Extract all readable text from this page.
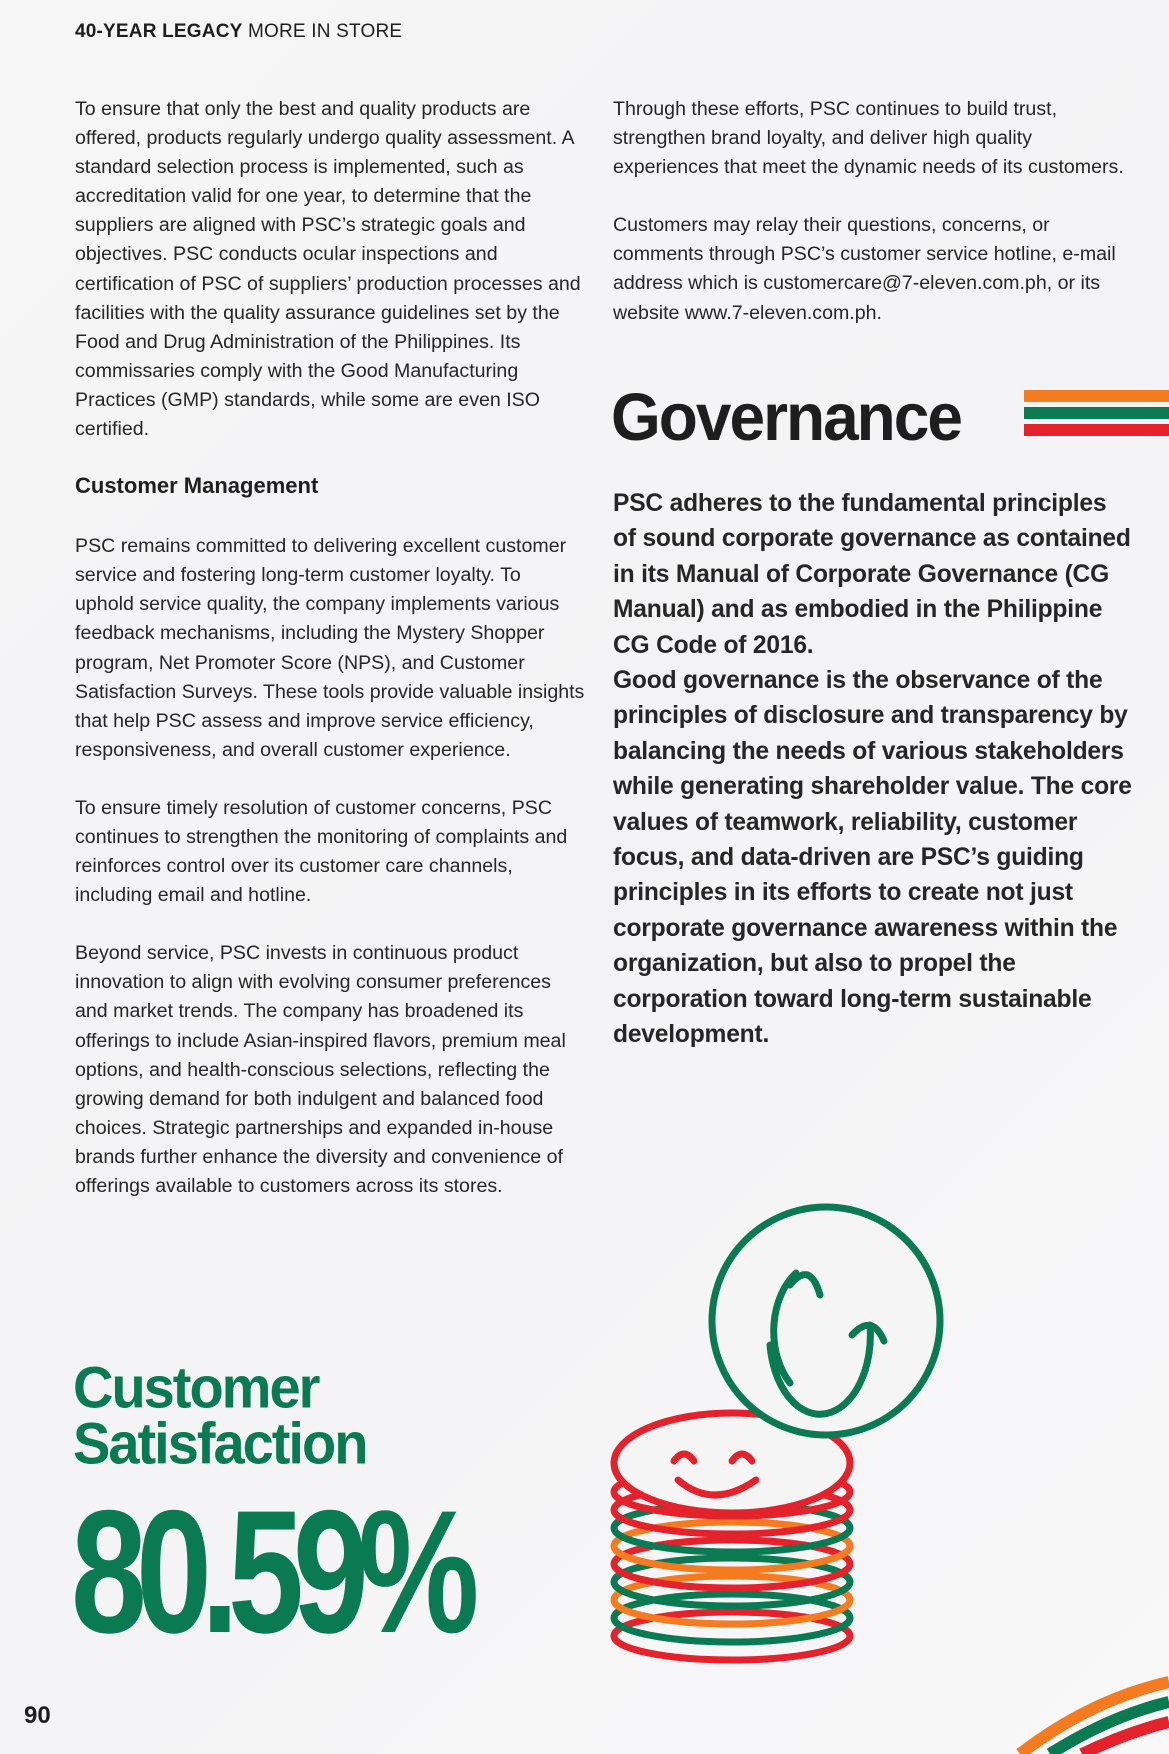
40-YEAR LEGACY MORE IN STORE

To ensure that only the best and quality products are offered, products regularly undergo quality assessment. A standard selection process is implemented, such as accreditation valid for one year, to determine that the suppliers are aligned with PSC’s strategic goals and objectives. PSC conducts ocular inspections and certification of PSC of suppliers’ production processes and facilities with the quality assurance guidelines set by the Food and Drug Administration of the Philippines. Its commissaries comply with the Good Manufacturing Practices (GMP) standards, while some are even ISO certified.

Customer Management

PSC remains committed to delivering excellent customer service and fostering long-term customer loyalty. To uphold service quality, the company implements various feedback mechanisms, including the Mystery Shopper program, Net Promoter Score (NPS), and Customer Satisfaction Surveys. These tools provide valuable insights that help PSC assess and improve service efficiency, responsiveness, and overall customer experience.

To ensure timely resolution of customer concerns, PSC continues to strengthen the monitoring of complaints and reinforces control over its customer care channels, including email and hotline.

Beyond service, PSC invests in continuous product innovation to align with evolving consumer preferences and market trends. The company has broadened its offerings to include Asian-inspired flavors, premium meal options, and health-conscious selections, reflecting the growing demand for both indulgent and balanced food choices. Strategic partnerships and expanded in-house brands further enhance the diversity and convenience of offerings available to customers across its stores.

Through these efforts, PSC continues to build trust, strengthen brand loyalty, and deliver high quality experiences that meet the dynamic needs of its customers.

Customers may relay their questions, concerns, or comments through PSC’s customer service hotline, e-mail address which is customercare@7-eleven.com.ph, or its website www.7-eleven.com.ph.

Governance

PSC adheres to the fundamental principles of sound corporate governance as contained in its Manual of Corporate Governance (CG Manual) and as embodied in the Philippine CG Code of 2016.

Good governance is the observance of the principles of disclosure and transparency by balancing the needs of various stakeholders while generating shareholder value. The core values of teamwork, reliability, customer focus, and data-driven are PSC’s guiding principles in its efforts to create not just corporate governance awareness within the organization, but also to propel the corporation toward long-term sustainable development.

Customer
Satisfaction
80.59%
90
